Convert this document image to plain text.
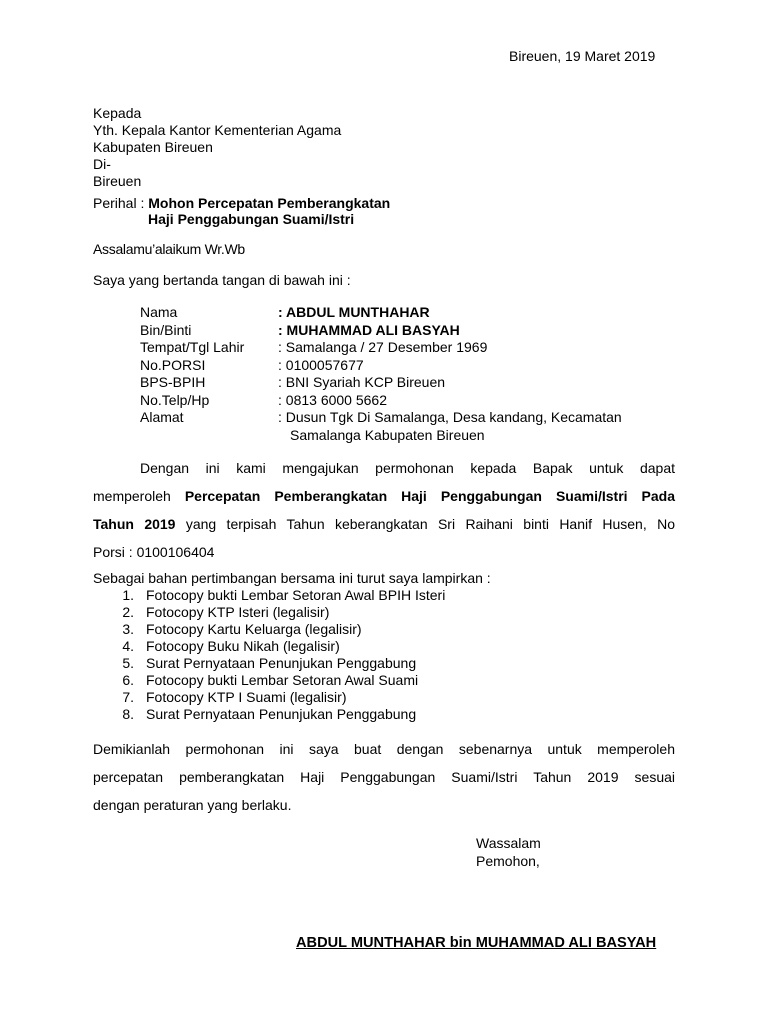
Bireuen, 19 Maret 2019
Kepada
Yth. Kepala Kantor Kementerian Agama
Kabupaten Bireuen
Di-
Bireuen
Perihal : Mohon Percepatan Pemberangkatan
Haji Penggabungan Suami/Istri
Assalamu’alaikum Wr.Wb
Saya yang bertanda tangan di bawah ini :
Nama	: ABDUL MUNTHAHAR
Bin/Binti	: MUHAMMAD ALI BASYAH
Tempat/Tgl Lahir : Samalanga / 27 Desember 1969
No.PORSI	: 0100057677
BPS-BPIH	: BNI Syariah KCP Bireuen
No.Telp/Hp	: 0813 6000 5662
Alamat	: Dusun Tgk Di Samalanga, Desa kandang, Kecamatan
Samalanga Kabupaten Bireuen
Dengan ini kami mengajukan permohonan kepada Bapak untuk dapat
memperoleh Percepatan Pemberangkatan Haji Penggabungan Suami/Istri Pada
Tahun 2019 yang terpisah Tahun keberangkatan Sri Raihani binti Hanif Husen, No
Porsi : 0100106404
Sebagai bahan pertimbangan bersama ini turut saya lampirkan :
1. Fotocopy bukti Lembar Setoran Awal BPIH Isteri
2. Fotocopy KTP Isteri (legalisir)
3. Fotocopy Kartu Keluarga (legalisir)
4. Fotocopy Buku Nikah (legalisir)
5. Surat Pernyataan Penunjukan Penggabung
6. Fotocopy bukti Lembar Setoran Awal Suami
7. Fotocopy KTP I Suami (legalisir)
8. Surat Pernyataan Penunjukan Penggabung
Demikianlah permohonan ini saya buat dengan sebenarnya untuk memperoleh
percepatan pemberangkatan Haji Penggabungan Suami/Istri Tahun 2019 sesuai
dengan peraturan yang berlaku.
Wassalam
Pemohon,
ABDUL MUNTHAHAR bin MUHAMMAD ALI BASYAH
